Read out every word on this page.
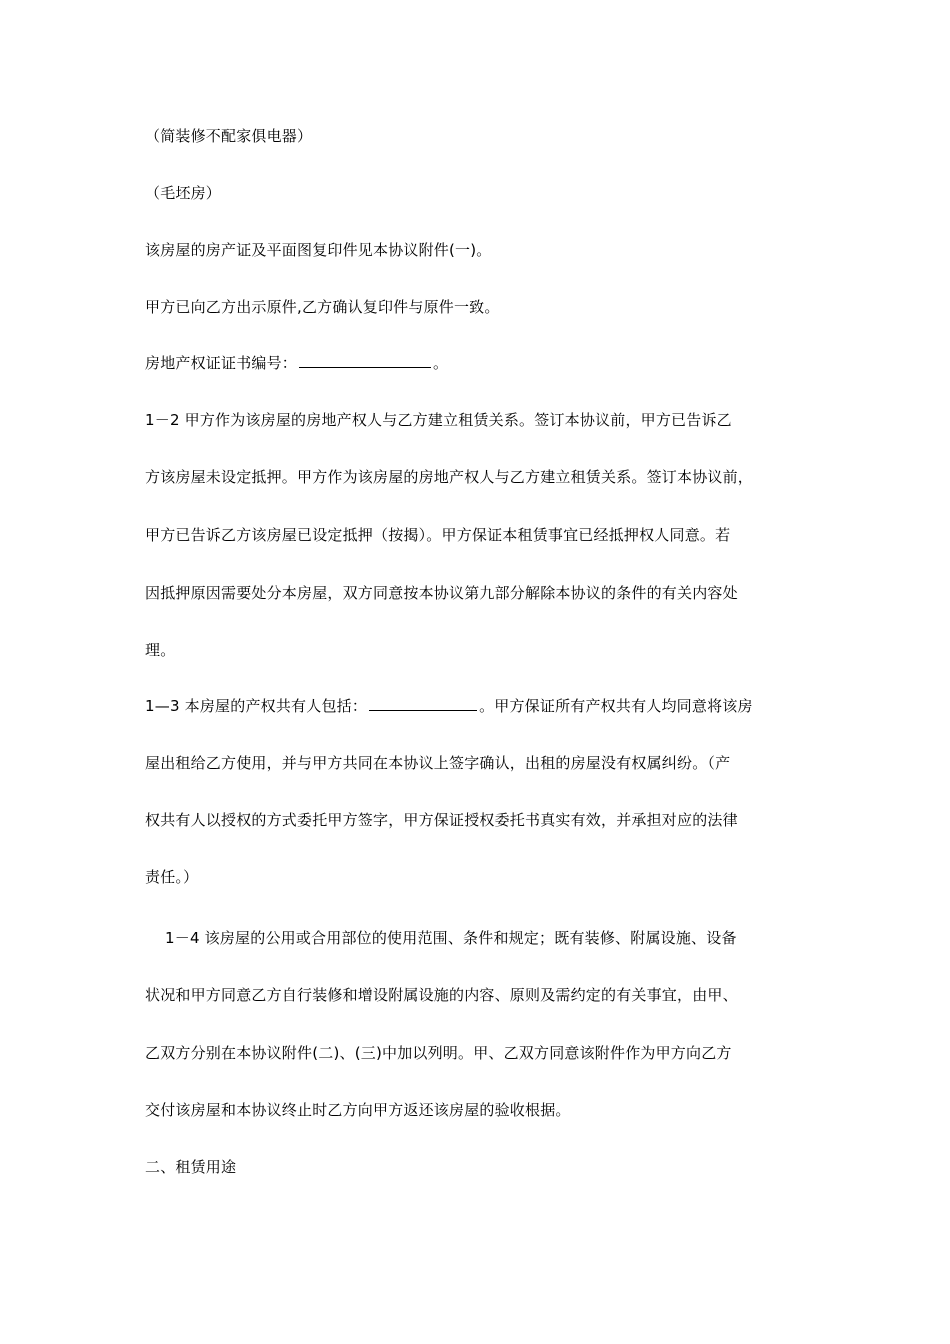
（简装修不配家俱电器）
（毛坯房）
该房屋的房产证及平面图复印件见本协议附件(一)。
甲方已向乙方出示原件,乙方确认复印件与原件一致。
房地产权证证书编号：	。
1－2 甲方作为该房屋的房地产权人与乙方建立租赁关系。签订本协议前，甲方已告诉乙
方该房屋未设定抵押。甲方作为该房屋的房地产权人与乙方建立租赁关系。签订本协议前，
甲方已告诉乙方该房屋已设定抵押（按揭）。甲方保证本租赁事宜已经抵押权人同意。若
因抵押原因需要处分本房屋，双方同意按本协议第九部分解除本协议的条件的有关内容处
理。
1—3 本房屋的产权共有人包括：	。甲方保证所有产权共有人均同意将该房
屋出租给乙方使用，并与甲方共同在本协议上签字确认，出租的房屋没有权属纠纷。（产
权共有人以授权的方式委托甲方签字，甲方保证授权委托书真实有效，并承担对应的法律
责任。）
1－4 该房屋的公用或合用部位的使用范围、条件和规定；既有装修、附属设施、设备
状况和甲方同意乙方自行装修和增设附属设施的内容、原则及需约定的有关事宜，由甲、
乙双方分别在本协议附件(二)、(三)中加以列明。甲、乙双方同意该附件作为甲方向乙方
交付该房屋和本协议终止时乙方向甲方返还该房屋的验收根据。
二、租赁用途
